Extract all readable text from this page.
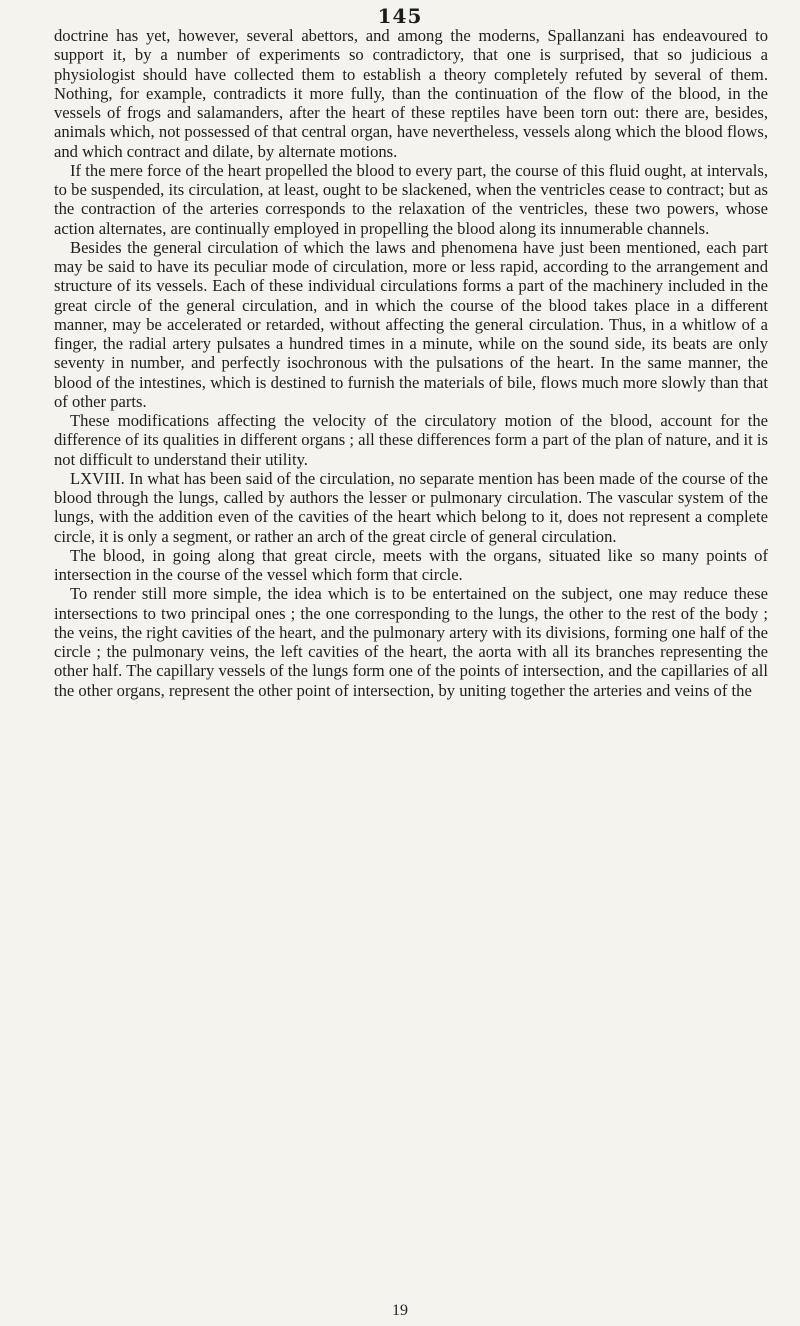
145

doctrine has yet, however, several abettors, and among the moderns, Spallanzani has endeavoured to support it, by a number of experiments so contradictory, that one is surprised, that so judicious a physiologist should have collected them to establish a theory completely refuted by several of them. Nothing, for example, contradicts it more fully, than the continuation of the flow of the blood, in the vessels of frogs and salamanders, after the heart of these reptiles have been torn out: there are, besides, animals which, not possessed of that central organ, have nevertheless, vessels along which the blood flows, and which contract and dilate, by alternate motions.

If the mere force of the heart propelled the blood to every part, the course of this fluid ought, at intervals, to be suspended, its circulation, at least, ought to be slackened, when the ventricles cease to contract; but as the contraction of the arteries corresponds to the relaxation of the ventricles, these two powers, whose action alternates, are continually employed in propelling the blood along its innumerable channels.

Besides the general circulation of which the laws and phenomena have just been mentioned, each part may be said to have its peculiar mode of circulation, more or less rapid, according to the arrangement and structure of its vessels. Each of these individual circulations forms a part of the machinery included in the great circle of the general circulation, and in which the course of the blood takes place in a different manner, may be accelerated or retarded, without affecting the general circulation. Thus, in a whitlow of a finger, the radial artery pulsates a hundred times in a minute, while on the sound side, its beats are only seventy in number, and perfectly isochronous with the pulsations of the heart. In the same manner, the blood of the intestines, which is destined to furnish the materials of bile, flows much more slowly than that of other parts.

These modifications affecting the velocity of the circulatory motion of the blood, account for the difference of its qualities in different organs ; all these differences form a part of the plan of nature, and it is not difficult to understand their utility.

LXVIII. In what has been said of the circulation, no separate mention has been made of the course of the blood through the lungs, called by authors the lesser or pulmonary circulation. The vascular system of the lungs, with the addition even of the cavities of the heart which belong to it, does not represent a complete circle, it is only a segment, or rather an arch of the great circle of general circulation.

The blood, in going along that great circle, meets with the organs, situated like so many points of intersection in the course of the vessel which form that circle.

To render still more simple, the idea which is to be entertained on the subject, one may reduce these intersections to two principal ones ; the one corresponding to the lungs, the other to the rest of the body ; the veins, the right cavities of the heart, and the pulmonary artery with its divisions, forming one half of the circle ; the pulmonary veins, the left cavities of the heart, the aorta with all its branches representing the other half. The capillary vessels of the lungs form one of the points of intersection, and the capillaries of all the other organs, represent the other point of intersection, by uniting together the arteries and veins of the

19
